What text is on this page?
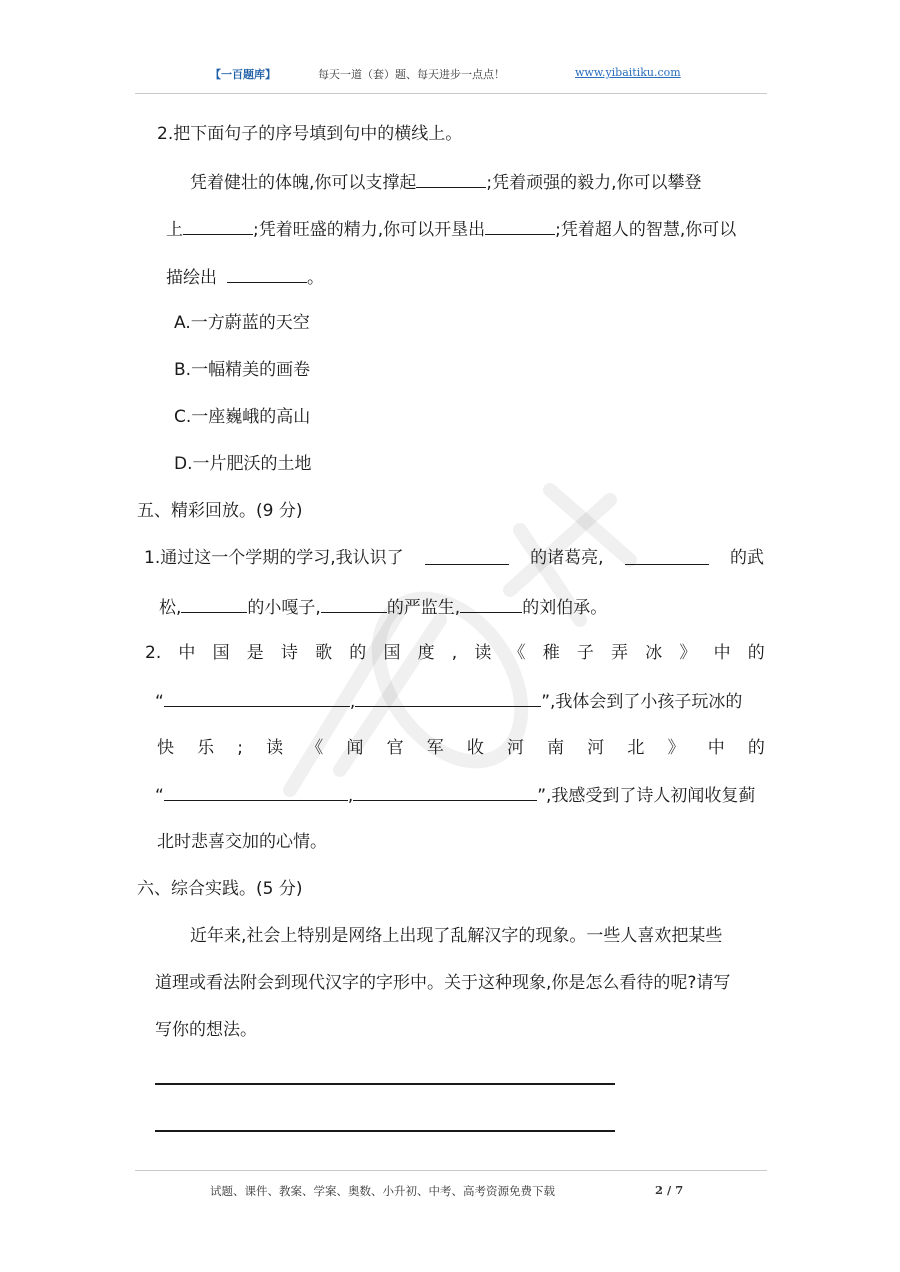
【一百题库】	每天一道（套）题、每天进步一点点！	www.yibaitiku.com
2.把下面句子的序号填到句中的横线上。
凭着健壮的体魄,你可以支撑起	;凭着顽强的毅力,你可以攀登
上	;凭着旺盛的精力,你可以开垦出	;凭着超人的智慧,你可以
描绘出	。
A.一方蔚蓝的天空
B.一幅精美的画卷
C.一座巍峨的高山
D.一片肥沃的土地
五、精彩回放。(9 分)
1.通过这一个学期的学习,我认识了	的诸葛亮,	的武
松,	的小嘎子,	的严监生,	的刘伯承。
2. 中 国 是 诗 歌 的 国 度 , 读 《 稚 子 弄 冰 》 中 的
“	,	”,我体会到了小孩子玩冰的
快 乐 ; 读 《 闻 官 军 收 河 南 河 北 》 中 的
“	,	”,我感受到了诗人初闻收复蓟
北时悲喜交加的心情。
六、综合实践。(5 分)
近年来,社会上特别是网络上出现了乱解汉字的现象。一些人喜欢把某些
道理或看法附会到现代汉字的字形中。关于这种现象,你是怎么看待的呢?请写
写你的想法。
试题、课件、教案、学案、奥数、小升初、中考、高考资源免费下载	2 / 7
